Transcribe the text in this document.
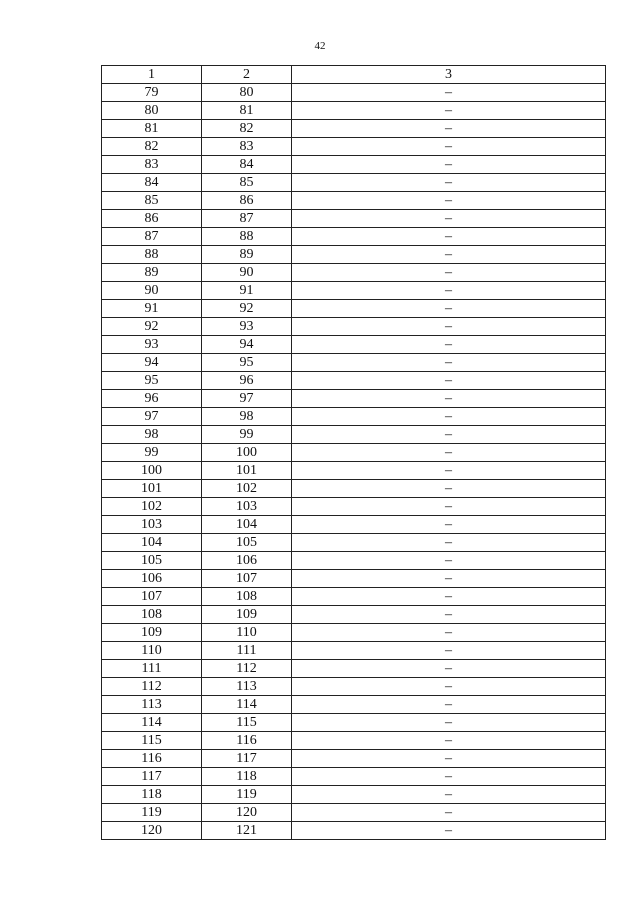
42
1	2	3
79	80	–
80	81	–
81	82	–
82	83	–
83	84	–
84	85	–
85	86	–
86	87	–
87	88	–
88	89	–
89	90	–
90	91	–
91	92	–
92	93	–
93	94	–
94	95	–
95	96	–
96	97	–
97	98	–
98	99	–
99	100	–
100	101	–
101	102	–
102	103	–
103	104	–
104	105	–
105	106	–
106	107	–
107	108	–
108	109	–
109	110	–
110	111	–
111	112	–
112	113	–
113	114	–
114	115	–
115	116	–
116	117	–
117	118	–
118	119	–
119	120	–
120	121	–
